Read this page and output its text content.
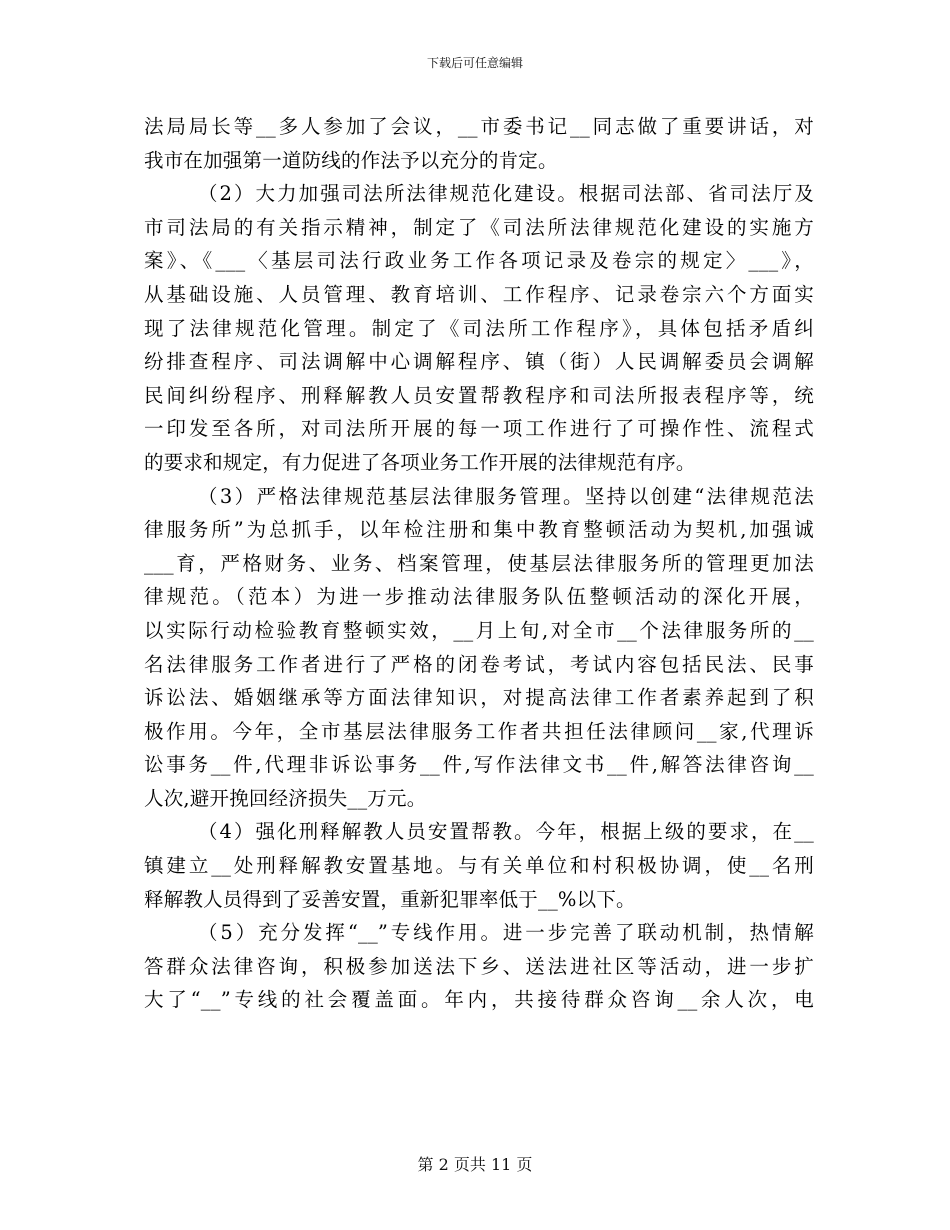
下载后可任意编辑
法局局长等__多人参加了会议，__市委书记__同志做了重要讲话，对
我市在加强第一道防线的作法予以充分的肯定。
（2）大力加强司法所法律规范化建设。根据司法部、省司法厅及
市司法局的有关指示精神，制定了《司法所法律规范化建设的实施方
案》、《___〈基层司法行政业务工作各项记录及卷宗的规定〉___》，
从基础设施、人员管理、教育培训、工作程序、记录卷宗六个方面实
现了法律规范化管理。制定了《司法所工作程序》，具体包括矛盾纠
纷排查程序、司法调解中心调解程序、镇（街）人民调解委员会调解
民间纠纷程序、刑释解教人员安置帮教程序和司法所报表程序等，统
一印发至各所，对司法所开展的每一项工作进行了可操作性、流程式
的要求和规定，有力促进了各项业务工作开展的法律规范有序。
（3）严格法律规范基层法律服务管理。坚持以创建“法律规范法
律服务所”为总抓手，以年检注册和集中教育整顿活动为契机,加强诚
___育，严格财务、业务、档案管理，使基层法律服务所的管理更加法
律规范。（范本）为进一步推动法律服务队伍整顿活动的深化开展，
以实际行动检验教育整顿实效，__月上旬,对全市__个法律服务所的__
名法律服务工作者进行了严格的闭卷考试，考试内容包括民法、民事
诉讼法、婚姻继承等方面法律知识，对提高法律工作者素养起到了积
极作用。今年，全市基层法律服务工作者共担任法律顾问__家,代理诉
讼事务__件,代理非诉讼事务__件,写作法律文书__件,解答法律咨询__
人次,避开挽回经济损失__万元。
（4）强化刑释解教人员安置帮教。今年，根据上级的要求，在__
镇建立__处刑释解教安置基地。与有关单位和村积极协调，使__名刑
释解教人员得到了妥善安置，重新犯罪率低于__%以下。
（5）充分发挥“__”专线作用。进一步完善了联动机制，热情解
答群众法律咨询，积极参加送法下乡、送法进社区等活动，进一步扩
大了“__”专线的社会覆盖面。年内，共接待群众咨询__余人次，电
第 2 页共 11 页
